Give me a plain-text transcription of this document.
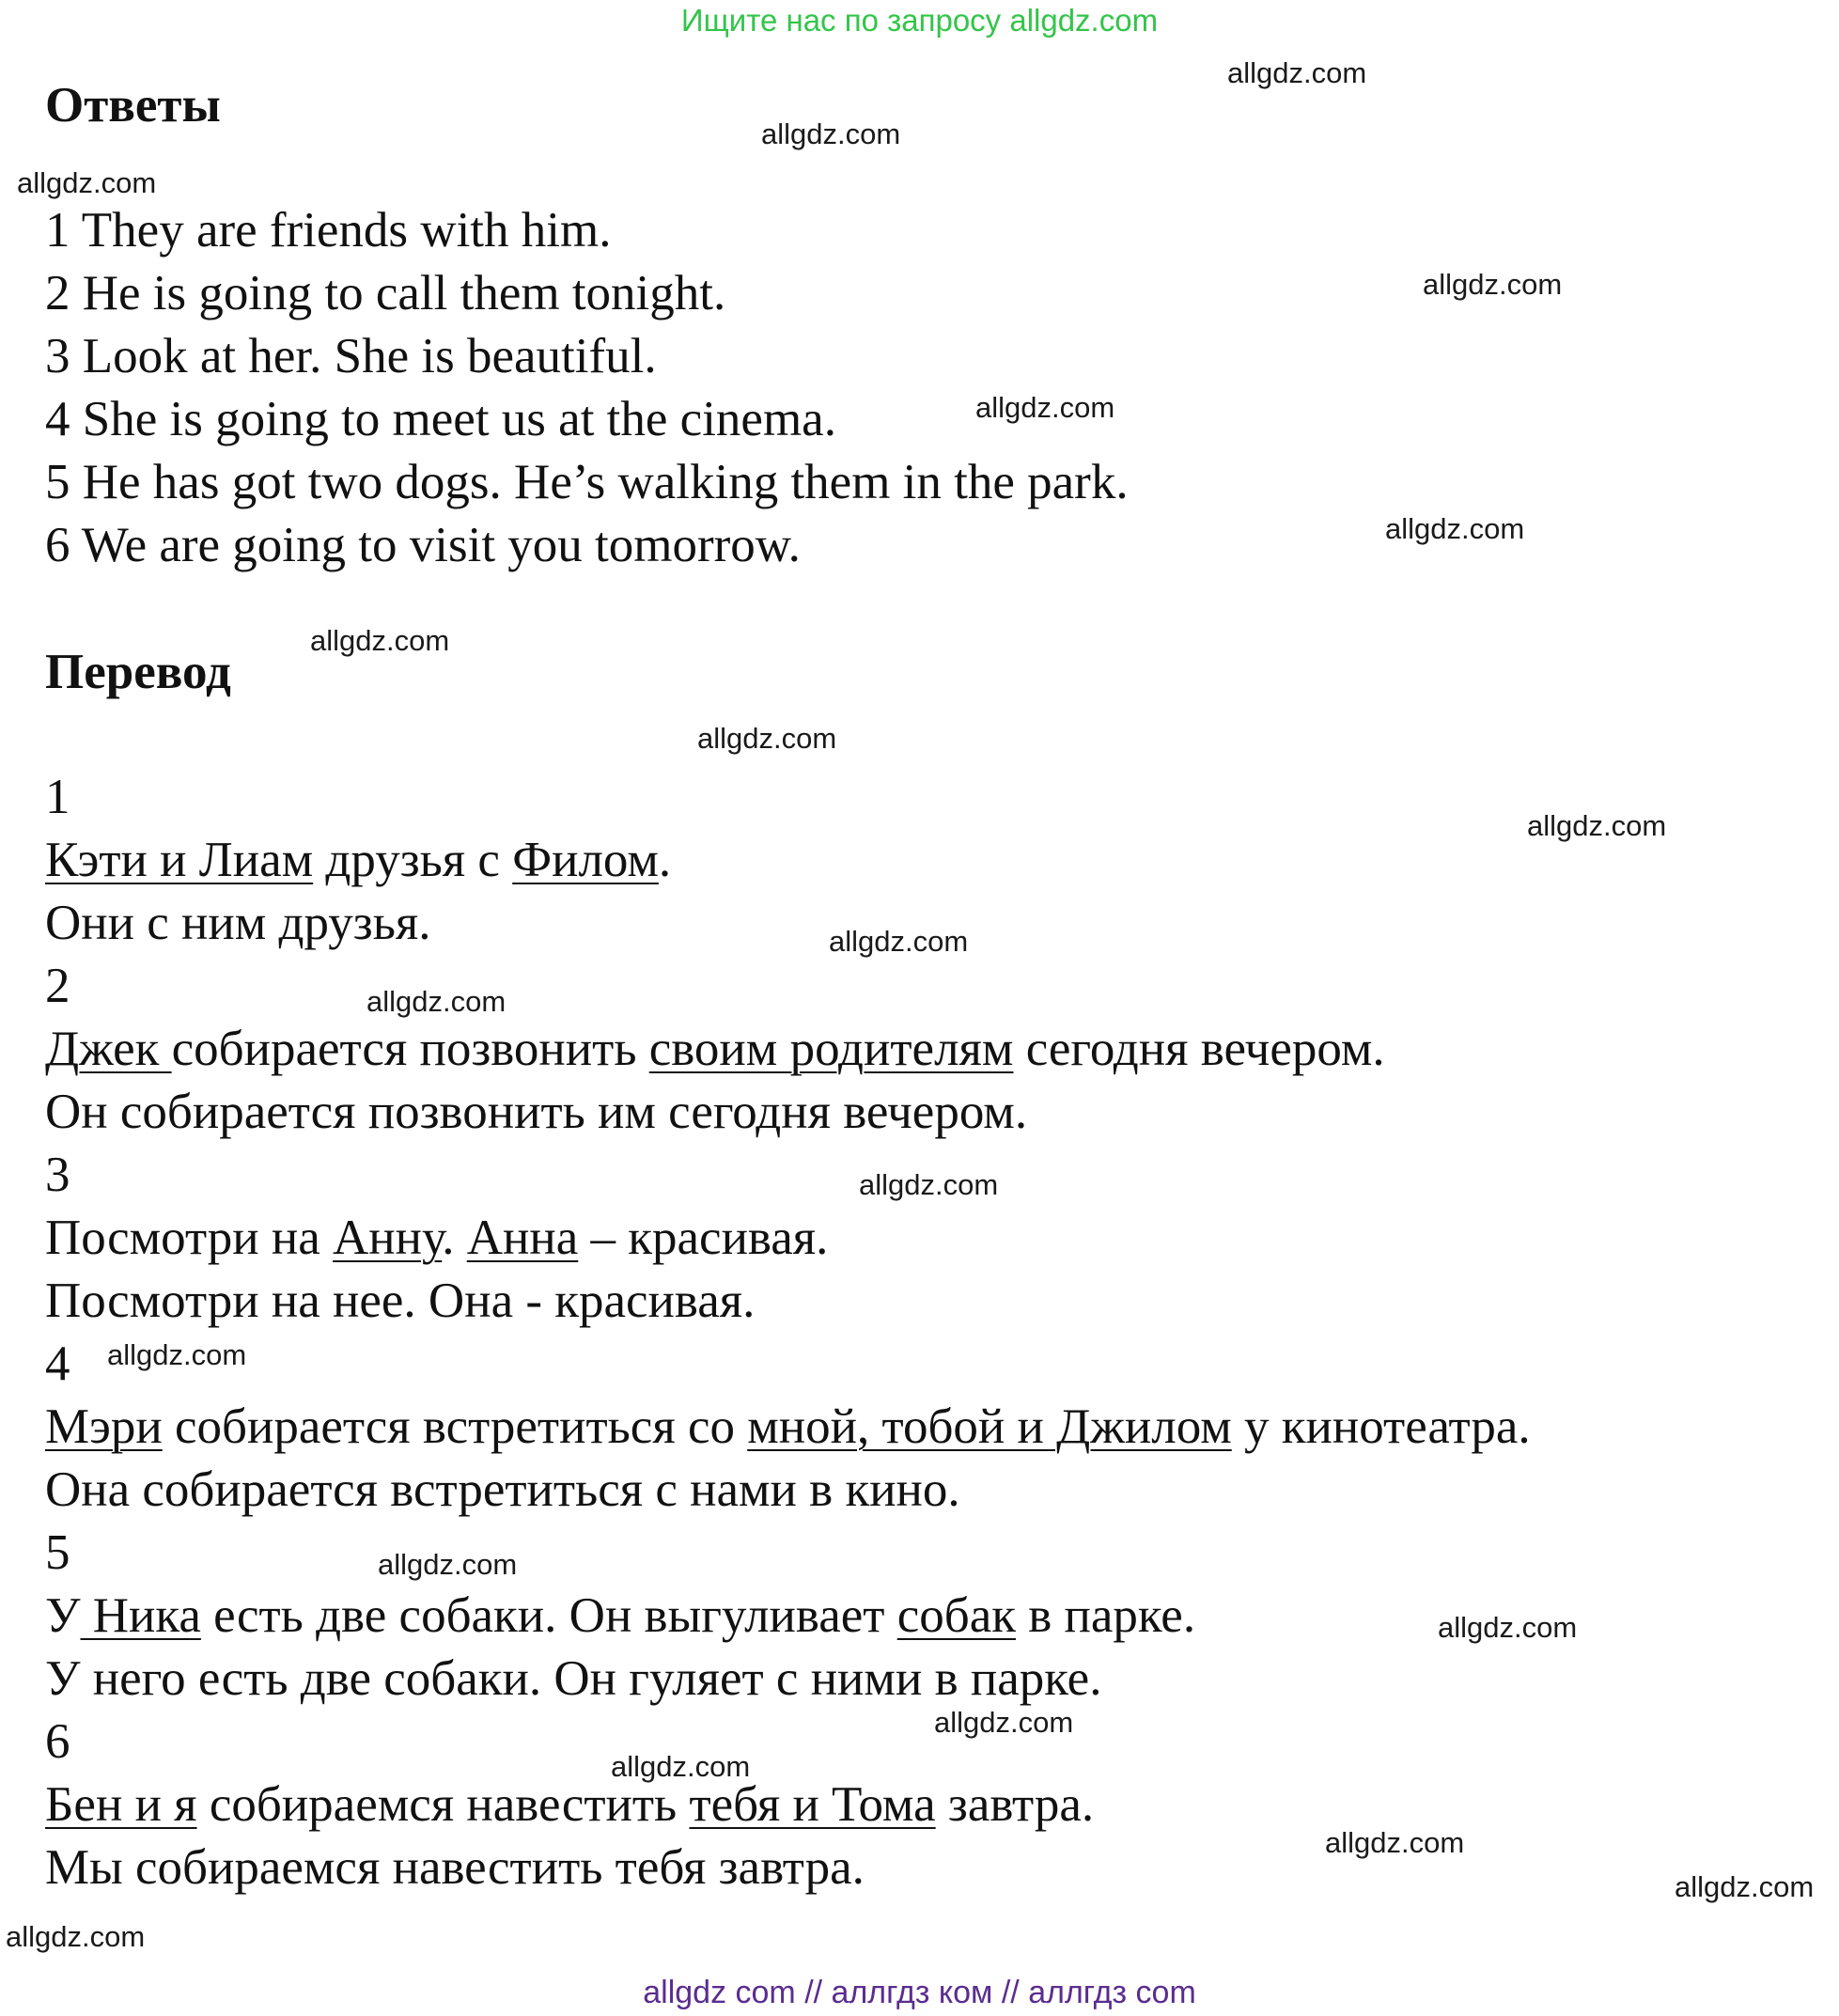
Ищите нас по запросу allgdz.com
Ответы
1 They are friends with him.
2 He is going to call them tonight.
3 Look at her. She is beautiful.
4 She is going to meet us at the cinema.
5 He has got two dogs. He’s walking them in the park.
6 We are going to visit you tomorrow.
Перевод
1
Кэти и Лиам друзья с Филом.
Они с ним друзья.
2
Джек собирается позвонить своим родителям сегодня вечером.
Он собирается позвонить им сегодня вечером.
3
Посмотри на Анну. Анна – красивая.
Посмотри на нее. Она - красивая.
4
Мэри собирается встретиться со мной, тобой и Джилом у кинотеатра.
Она собирается встретиться с нами в кино.
5
У Ника есть две собаки. Он выгуливает собак в парке.
У него есть две собаки. Он гуляет с ними в парке.
6
Бен и я собираемся навестить тебя и Тома завтра.
Мы собираемся навестить тебя завтра.
allgdz.com
allgdz.com
allgdz.com
allgdz.com
allgdz.com
allgdz.com
allgdz.com
allgdz.com
allgdz.com
allgdz.com
allgdz.com
allgdz.com
allgdz.com
allgdz.com
allgdz.com
allgdz.com
allgdz.com
allgdz.com
allgdz.com
allgdz.com
allgdz com // аллгдз ком // аллгдз com
